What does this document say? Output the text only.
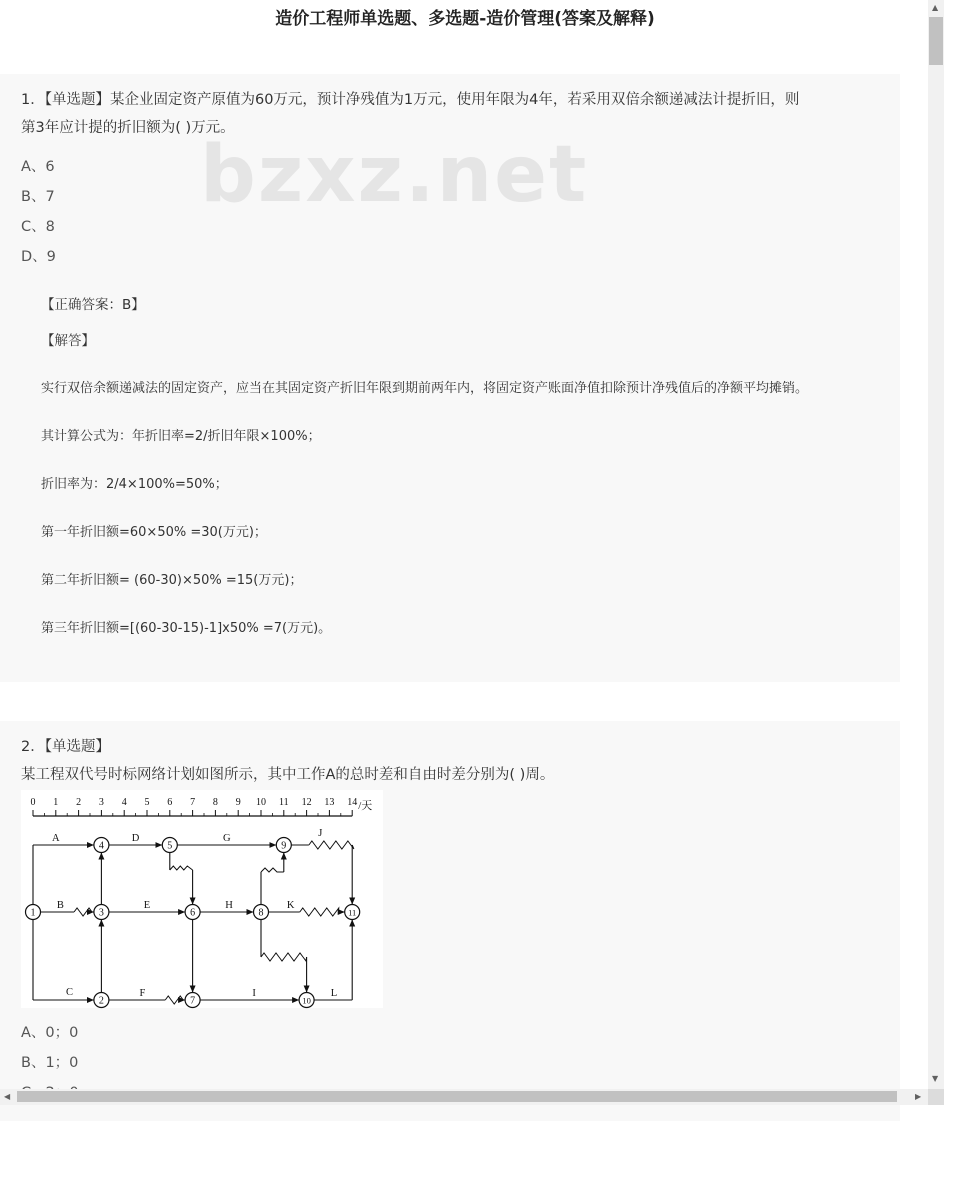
造价工程师单选题、多选题-造价管理(答案及解释)
1．【单选题】某企业固定资产原值为60万元，预计净残值为1万元，使用年限为4年，若采用双倍余额递减法计提折旧，则
第3年应计提的折旧额为( )万元。
bzxz.net
A、6
B、7
C、8
D、9
【正确答案：B】
【解答】
实行双倍余额递减法的固定资产，应当在其固定资产折旧年限到期前两年内，将固定资产账面净值扣除预计净残值后的净额平均摊销。
其计算公式为：年折旧率=2/折旧年限×100%；
折旧率为：2/4×100%=50%；
第一年折旧额=60×50% =30(万元)；
第二年折旧额= (60-30)×50% =15(万元)；
第三年折旧额=[(60-30-15)-1]x50% =7(万元)。
2．【单选题】
某工程双代号时标网络计划如图所示，其中工作A的总时差和自由时差分别为( )周。
0 1 2 3 4 5 6 7 8 9 10 11 12 13 14 /天
1
2
3
4	5
6
7
8
9
10
11
A
B
C
D
E
F
G
H
I
J
K
L
A、0；0
B、1；0
▲
▼
◀	▶
